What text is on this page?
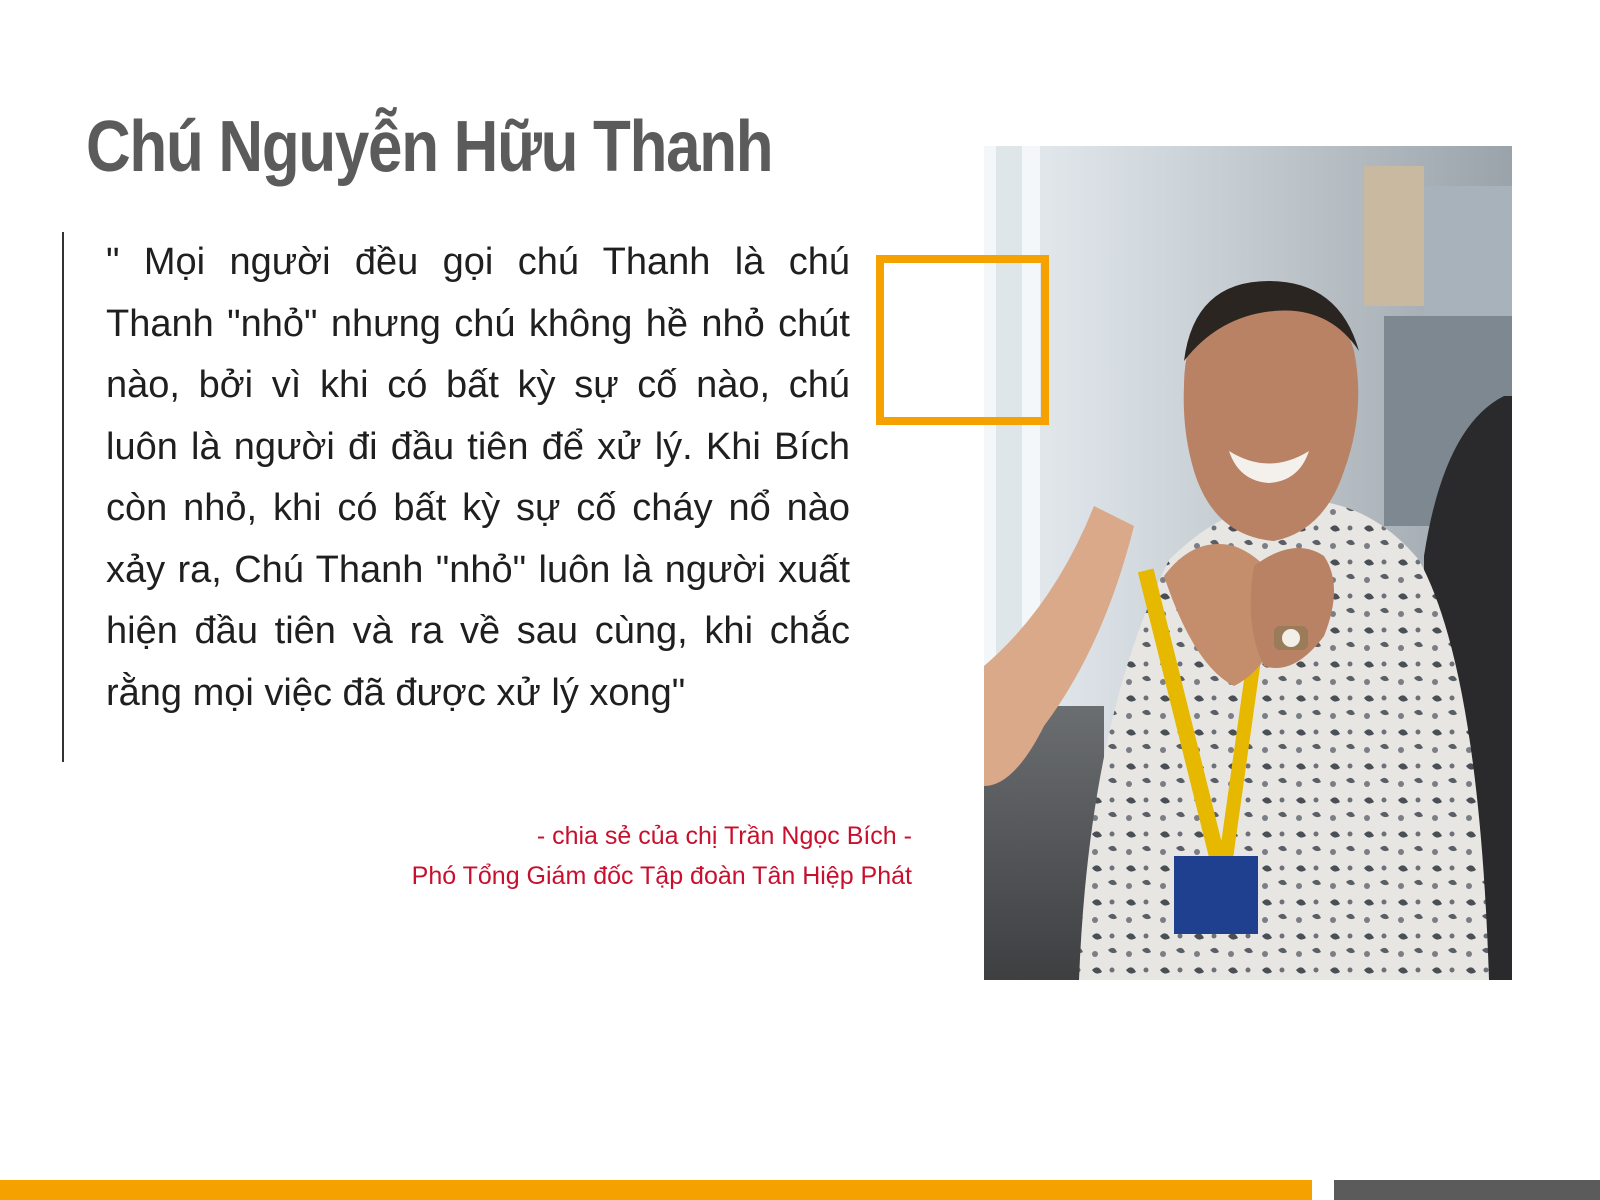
Chú Nguyễn Hữu Thanh
" Mọi người đều gọi chú Thanh là chú Thanh "nhỏ" nhưng chú không hề nhỏ chút nào, bởi vì khi có bất kỳ sự cố nào, chú luôn là người đi đầu tiên để xử lý. Khi Bích còn nhỏ, khi có bất kỳ sự cố cháy nổ nào xảy ra, Chú Thanh "nhỏ" luôn là người xuất hiện đầu tiên và ra về sau cùng, khi chắc rằng mọi việc đã được xử lý xong"
- chia sẻ của chị Trần Ngọc Bích -
Phó Tổng Giám đốc Tập đoàn Tân Hiệp Phát
